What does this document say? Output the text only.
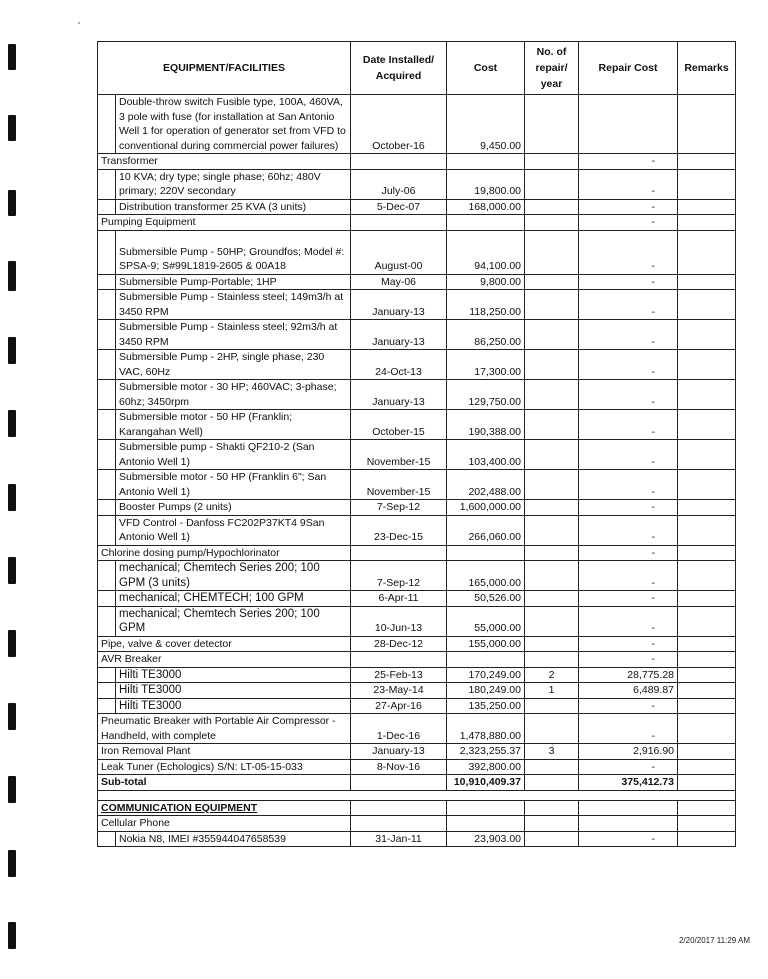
EQUIPMENT/FACILITIES		Date Installed/ Acquired	Cost	No. of repair/ year	Repair Cost	Remarks
	Double-throw switch Fusible type, 100A, 460VA, 3 pole with fuse (for installation at San Antonio Well 1 for operation of generator set from VFD to conventional during commercial power failures)	October-16	9,450.00			
Transformer					-	
	10 KVA; dry type; single phase; 60hz; 480V primary; 220V secondary	July-06	19,800.00		-	
	Distribution transformer 25 KVA (3 units)	5-Dec-07	168,000.00		-	
Pumping Equipment					-	
	Submersible Pump - 50HP; Groundfos; Model #: SPSA-9; S#99L1819-2605 & 00A18	August-00	94,100.00		-	
	Submersible Pump-Portable; 1HP	May-06	9,800.00		-	
	Submersible Pump - Stainless steel; 149m3/h at 3450 RPM	January-13	118,250.00		-	
	Submersible Pump - Stainless steel; 92m3/h at 3450 RPM	January-13	86,250.00		-	
	Submersible Pump - 2HP, single phase, 230 VAC, 60Hz	24-Oct-13	17,300.00		-	
	Submersible motor - 30 HP; 460VAC; 3-phase; 60hz; 3450rpm	January-13	129,750.00		-	
	Submersible motor - 50 HP (Franklin; Karangahan Well)	October-15	190,388.00		-	
	Submersible pump - Shakti QF210-2 (San Antonio Well 1)	November-15	103,400.00		-	
	Submersible motor - 50 HP (Franklin 6"; San Antonio Well 1)	November-15	202,488.00		-	
	Booster Pumps (2 units)	7-Sep-12	1,600,000.00		-	
	VFD Control - Danfoss FC202P37KT4 9San Antonio Well 1)	23-Dec-15	266,060.00		-	
Chlorine dosing pump/Hypochlorinator					-	
	mechanical; Chemtech Series 200; 100 GPM (3 units)	7-Sep-12	165,000.00		-	
	mechanical; CHEMTECH; 100 GPM	6-Apr-11	50,526.00		-	
	mechanical; Chemtech Series 200; 100 GPM	10-Jun-13	55,000.00		-	
Pipe, valve & cover detector		28-Dec-12	155,000.00		-	
AVR Breaker					-	
	Hilti TE3000	25-Feb-13	170,249.00	2	28,775.28	
	Hilti TE3000	23-May-14	180,249.00	1	6,489.87	
	Hilti TE3000	27-Apr-16	135,250.00		-	
Pneumatic Breaker with Portable Air Compressor - Handheld, with complete		1-Dec-16	1,478,880.00		-	
Iron Removal Plant		January-13	2,323,255.37	3	2,916.90	
Leak Tuner (Echologics) S/N: LT-05-15-033		8-Nov-16	392,800.00		-	
Sub-total			10,910,409.37		375,412.73	

COMMUNICATION EQUIPMENT						
Cellular Phone						
	Nokia N8, IMEI #355944047658539	31-Jan-11	23,903.00		-	
2/20/2017 11:29 AM
